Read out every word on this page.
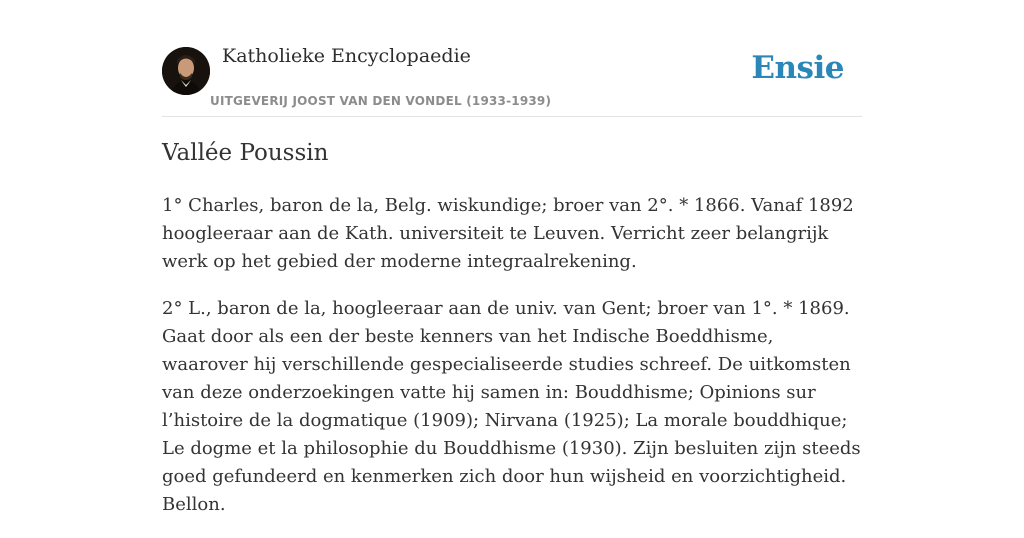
Katholieke Encyclopaedie
UITGEVERIJ JOOST VAN DEN VONDEL (1933-1939)
Ensie
Vallée Poussin

1° Charles, baron de la, Belg. wiskundige; broer van 2°. * 1866. Vanaf 1892 hoogleeraar aan de Kath. universiteit te Leuven. Verricht zeer belangrijk werk op het gebied der moderne integraalrekening.

2° L., baron de la, hoogleeraar aan de univ. van Gent; broer van 1°. * 1869. Gaat door als een der beste kenners van het Indische Boeddhisme, waarover hij verschillende gespecialiseerde studies schreef. De uitkomsten van deze onderzoekingen vatte hij samen in: Bouddhisme; Opinions sur l’histoire de la dogmatique (1909); Nirvana (1925); La morale bouddhique; Le dogme et la philosophie du Bouddhisme (1930). Zijn besluiten zijn steeds goed gefundeerd en kenmerken zich door hun wijsheid en voorzichtigheid. Bellon.
